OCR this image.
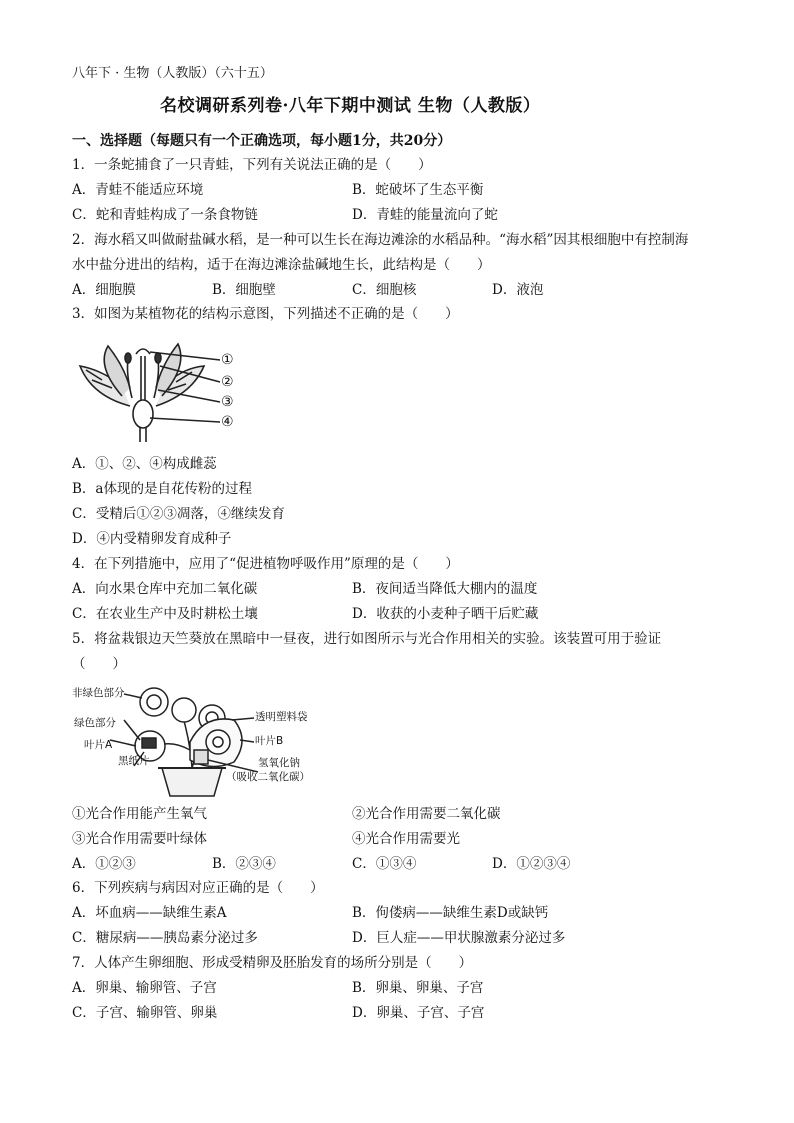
八年下 · 生物（人教版）（六十五）
名校调研系列卷·八年下期中测试 生物（人教版）
一、选择题（每题只有一个正确选项，每小题1分，共20分）
1．一条蛇捕食了一只青蛙，下列有关说法正确的是（　　）
A．青蛙不能适应环境	B．蛇破坏了生态平衡
C．蛇和青蛙构成了一条食物链	D．青蛙的能量流向了蛇
2．海水稻又叫做耐盐碱水稻，是一种可以生长在海边滩涂的水稻品种。“海水稻”因其根细胞中有控制海
水中盐分进出的结构，适于在海边滩涂盐碱地生长，此结构是（　　）
A．细胞膜	B．细胞壁	C．细胞核	D．液泡
3．如图为某植物花的结构示意图，下列描述不正确的是（　　）
①
②
③
④
A．①、②、④构成雌蕊
B．a体现的是自花传粉的过程
C．受精后①②③凋落，④继续发育
D．④内受精卵发育成种子
4．在下列措施中，应用了“促进植物呼吸作用”原理的是（　　）
A．向水果仓库中充加二氧化碳	B．夜间适当降低大棚内的温度
C．在农业生产中及时耕松土壤	D．收获的小麦种子晒干后贮藏
5．将盆栽银边天竺葵放在黑暗中一昼夜，进行如图所示与光合作用相关的实验。该装置可用于验证
（　　）
非绿色部分
绿色部分
叶片A
黑纸片
透明塑料袋
叶片B
氢氧化钠
（吸收二氧化碳）
①光合作用能产生氧气	②光合作用需要二氧化碳
③光合作用需要叶绿体	④光合作用需要光
A．①②③	B．②③④	C．①③④	D．①②③④
6．下列疾病与病因对应正确的是（　　）
A．坏血病——缺维生素A	B．佝偻病——缺维生素D或缺钙
C．糖尿病——胰岛素分泌过多	D．巨人症——甲状腺激素分泌过多
7．人体产生卵细胞、形成受精卵及胚胎发育的场所分别是（　　）
A．卵巢、输卵管、子宫	B．卵巢、卵巢、子宫
C．子宫、输卵管、卵巢	D．卵巢、子宫、子宫
